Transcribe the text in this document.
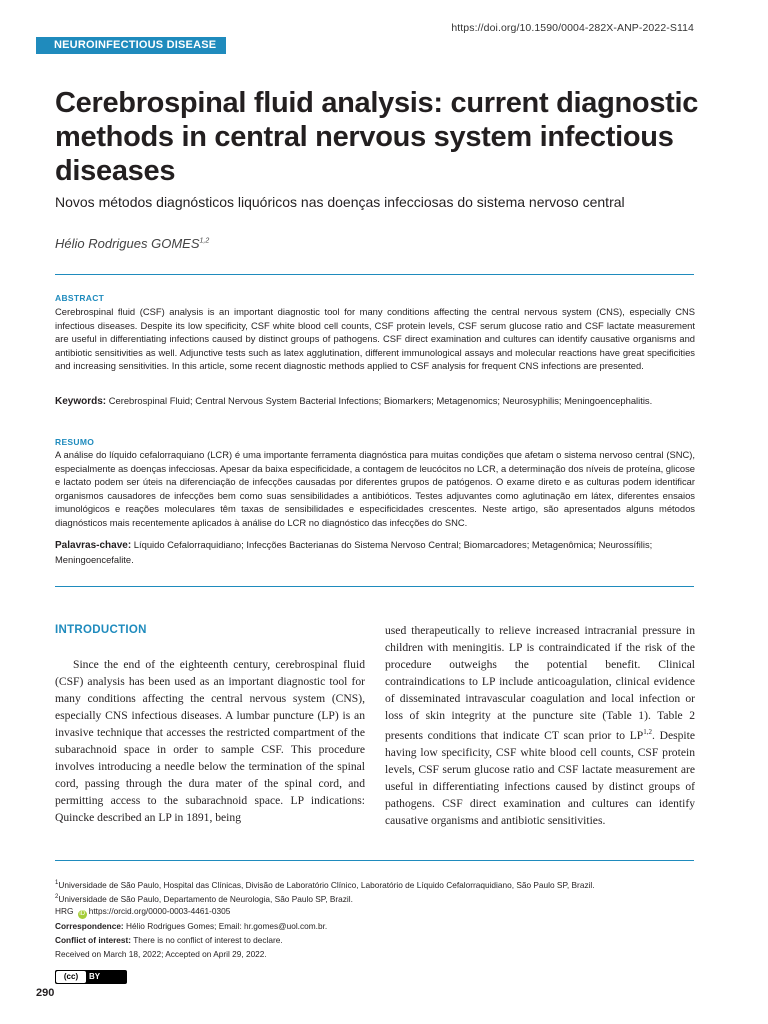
https://doi.org/10.1590/0004-282X-ANP-2022-S114
NEUROINFECTIOUS DISEASE
Cerebrospinal fluid analysis: current diagnostic methods in central nervous system infectious diseases
Novos métodos diagnósticos liquóricos nas doenças infecciosas do sistema nervoso central
Hélio Rodrigues GOMES$^{1,2}$
ABSTRACT
Cerebrospinal fluid (CSF) analysis is an important diagnostic tool for many conditions affecting the central nervous system (CNS), especially CNS infectious diseases. Despite its low specificity, CSF white blood cell counts, CSF protein levels, CSF serum glucose ratio and CSF lactate measurement are useful in differentiating infections caused by distinct groups of pathogens. CSF direct examination and cultures can identify causative organisms and antibiotic sensitivities as well. Adjunctive tests such as latex agglutination, different immunological assays and molecular reactions have great specificities and increasing sensitivities. In this article, some recent diagnostic methods applied to CSF analysis for frequent CNS infections are presented.
Keywords: Cerebrospinal Fluid; Central Nervous System Bacterial Infections; Biomarkers; Metagenomics; Neurosyphilis; Meningoencephalitis.
RESUMO
A análise do líquido cefalorraquiano (LCR) é uma importante ferramenta diagnóstica para muitas condições que afetam o sistema nervoso central (SNC), especialmente as doenças infecciosas. Apesar da baixa especificidade, a contagem de leucócitos no LCR, a determinação dos níveis de proteína, glicose e lactato podem ser úteis na diferenciação de infecções causadas por diferentes grupos de patógenos. O exame direto e as culturas podem identificar organismos causadores de infecções bem como suas sensibilidades a antibióticos. Testes adjuvantes como aglutinação em látex, diferentes ensaios imunológicos e reações moleculares têm taxas de sensibilidades e especificidades crescentes. Neste artigo, são apresentados alguns métodos diagnósticos mais recentemente aplicados à análise do LCR no diagnóstico das infecções do SNC.
Palavras-chave: Líquido Cefalorraquidiano; Infecções Bacterianas do Sistema Nervoso Central; Biomarcadores; Metagenômica; Neurossífilis; Meningoencefalite.
INTRODUCTION
Since the end of the eighteenth century, cerebrospinal fluid (CSF) analysis has been used as an important diagnostic tool for many conditions affecting the central nervous system (CNS), especially CNS infectious diseases. A lumbar puncture (LP) is an invasive technique that accesses the restricted compartment of the subarachnoid space in order to sample CSF. This procedure involves introducing a needle below the termination of the spinal cord, passing through the dura mater of the spinal cord, and permitting access to the subarachnoid space. LP indications: Quincke described an LP in 1891, being
used therapeutically to relieve increased intracranial pressure in children with meningitis. LP is contraindicated if the risk of the procedure outweighs the potential benefit. Clinical contraindications to LP include anticoagulation, clinical evidence of disseminated intravascular coagulation and local infection or loss of skin integrity at the puncture site (Table 1). Table 2 presents conditions that indicate CT scan prior to LP$^{1,2}$. Despite having low specificity, CSF white blood cell counts, CSF protein levels, CSF serum glucose ratio and CSF lactate measurement are useful in differentiating infections caused by distinct groups of pathogens. CSF direct examination and cultures can identify causative organisms and antibiotic sensitivities.
$^1$Universidade de São Paulo, Hospital das Clínicas, Divisão de Laboratório Clínico, Laboratório de Líquido Cefalorraquidiano, São Paulo SP, Brazil.
$^2$Universidade de São Paulo, Departamento de Neurologia, São Paulo SP, Brazil.
HRG iD https://orcid.org/0000-0003-4461-0305
Correspondence: Hélio Rodrigues Gomes; Email: hr.gomes@uol.com.br.
Conflict of interest: There is no conflict of interest to declare.
Received on March 18, 2022; Accepted on April 29, 2022.
(cc)	BY
290
